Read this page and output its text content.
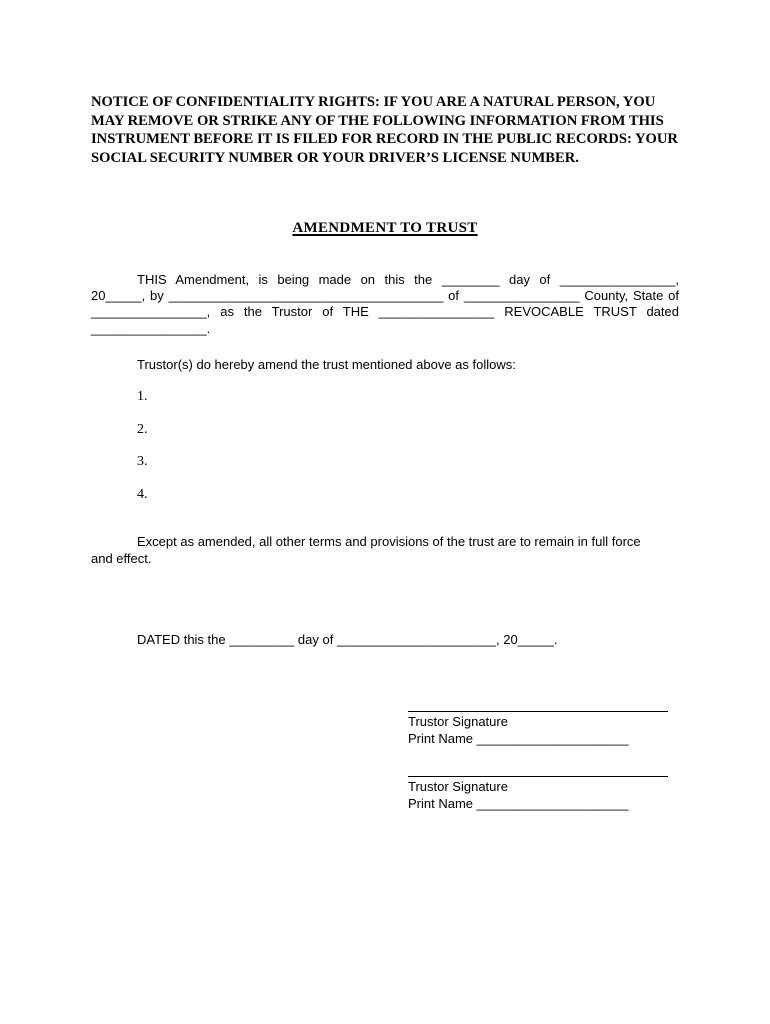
NOTICE OF CONFIDENTIALITY RIGHTS: IF YOU ARE A NATURAL PERSON, YOU
MAY REMOVE OR STRIKE ANY OF THE FOLLOWING INFORMATION FROM THIS
INSTRUMENT BEFORE IT IS FILED FOR RECORD IN THE PUBLIC RECORDS: YOUR
SOCIAL SECURITY NUMBER OR YOUR DRIVER’S LICENSE NUMBER.
AMENDMENT TO TRUST
THIS Amendment, is being made on this the ________ day of ________________,
20_____, by ______________________________________ of ________________ County, State of
________________, as the Trustor of THE ________________ REVOCABLE TRUST dated
________________.
Trustor(s) do hereby amend the trust mentioned above as follows:
1.
2.
3.
4.
Except as amended, all other terms and provisions of the trust are to remain in full force
and effect.
DATED this the _________ day of ______________________, 20_____.
Trustor Signature
Print Name _____________________
Trustor Signature
Print Name _____________________
